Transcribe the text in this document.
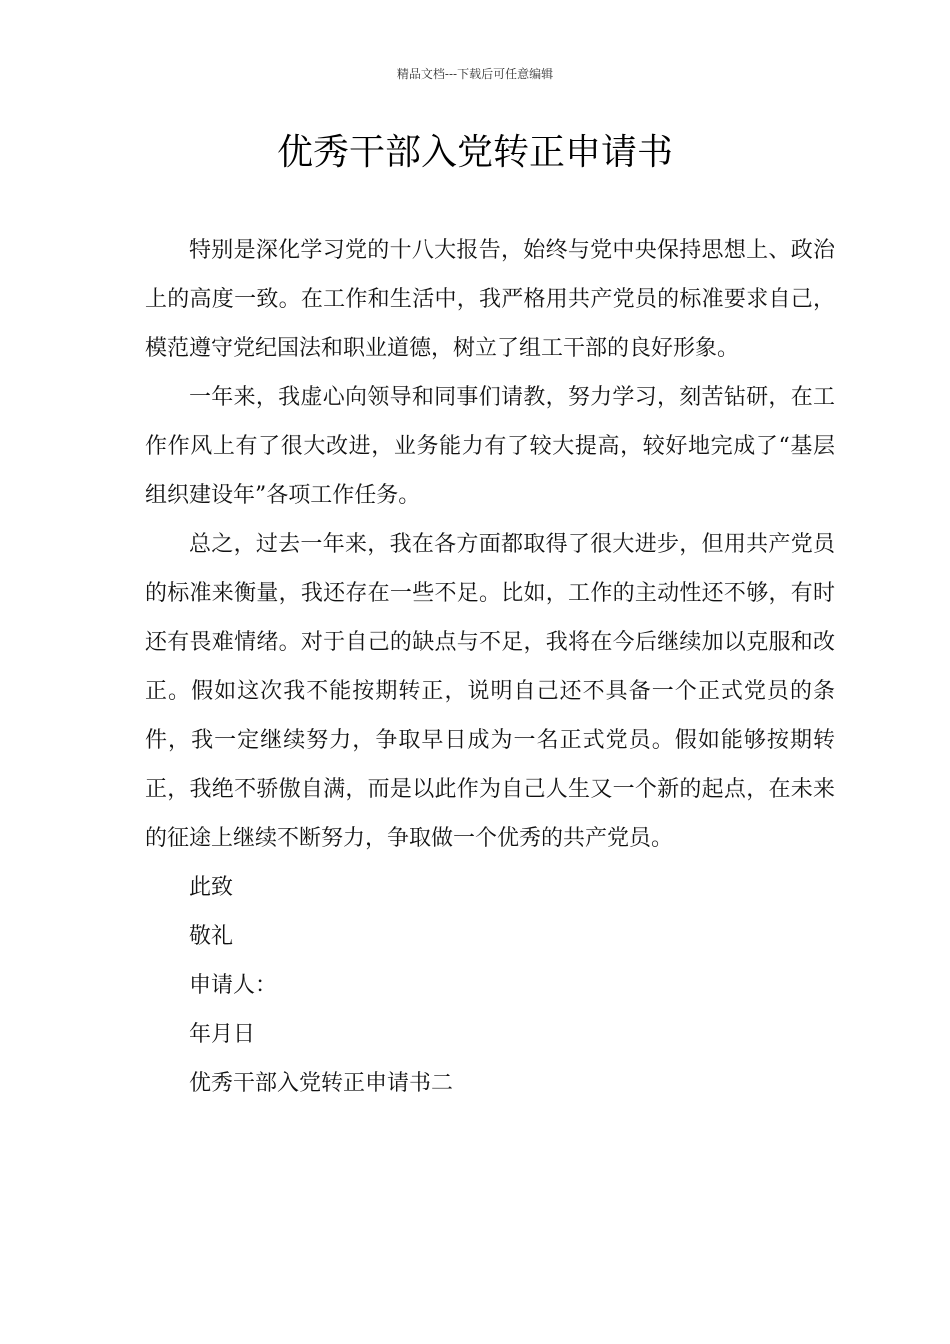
精品文档---下载后可任意编辑
优秀干部入党转正申请书

特别是深化学习党的十八大报告，始终与党中央保持思想上、政治上的高度一致。在工作和生活中，我严格用共产党员的标准要求自己，模范遵守党纪国法和职业道德，树立了组工干部的良好形象。

一年来，我虚心向领导和同事们请教，努力学习，刻苦钻研，在工作作风上有了很大改进，业务能力有了较大提高，较好地完成了“基层组织建设年”各项工作任务。

总之，过去一年来，我在各方面都取得了很大进步，但用共产党员的标准来衡量，我还存在一些不足。比如，工作的主动性还不够，有时还有畏难情绪。对于自己的缺点与不足，我将在今后继续加以克服和改正。假如这次我不能按期转正，说明自己还不具备一个正式党员的条件，我一定继续努力，争取早日成为一名正式党员。假如能够按期转正，我绝不骄傲自满，而是以此作为自己人生又一个新的起点，在未来的征途上继续不断努力，争取做一个优秀的共产党员。

此致

敬礼

申请人：

年月日

优秀干部入党转正申请书二
